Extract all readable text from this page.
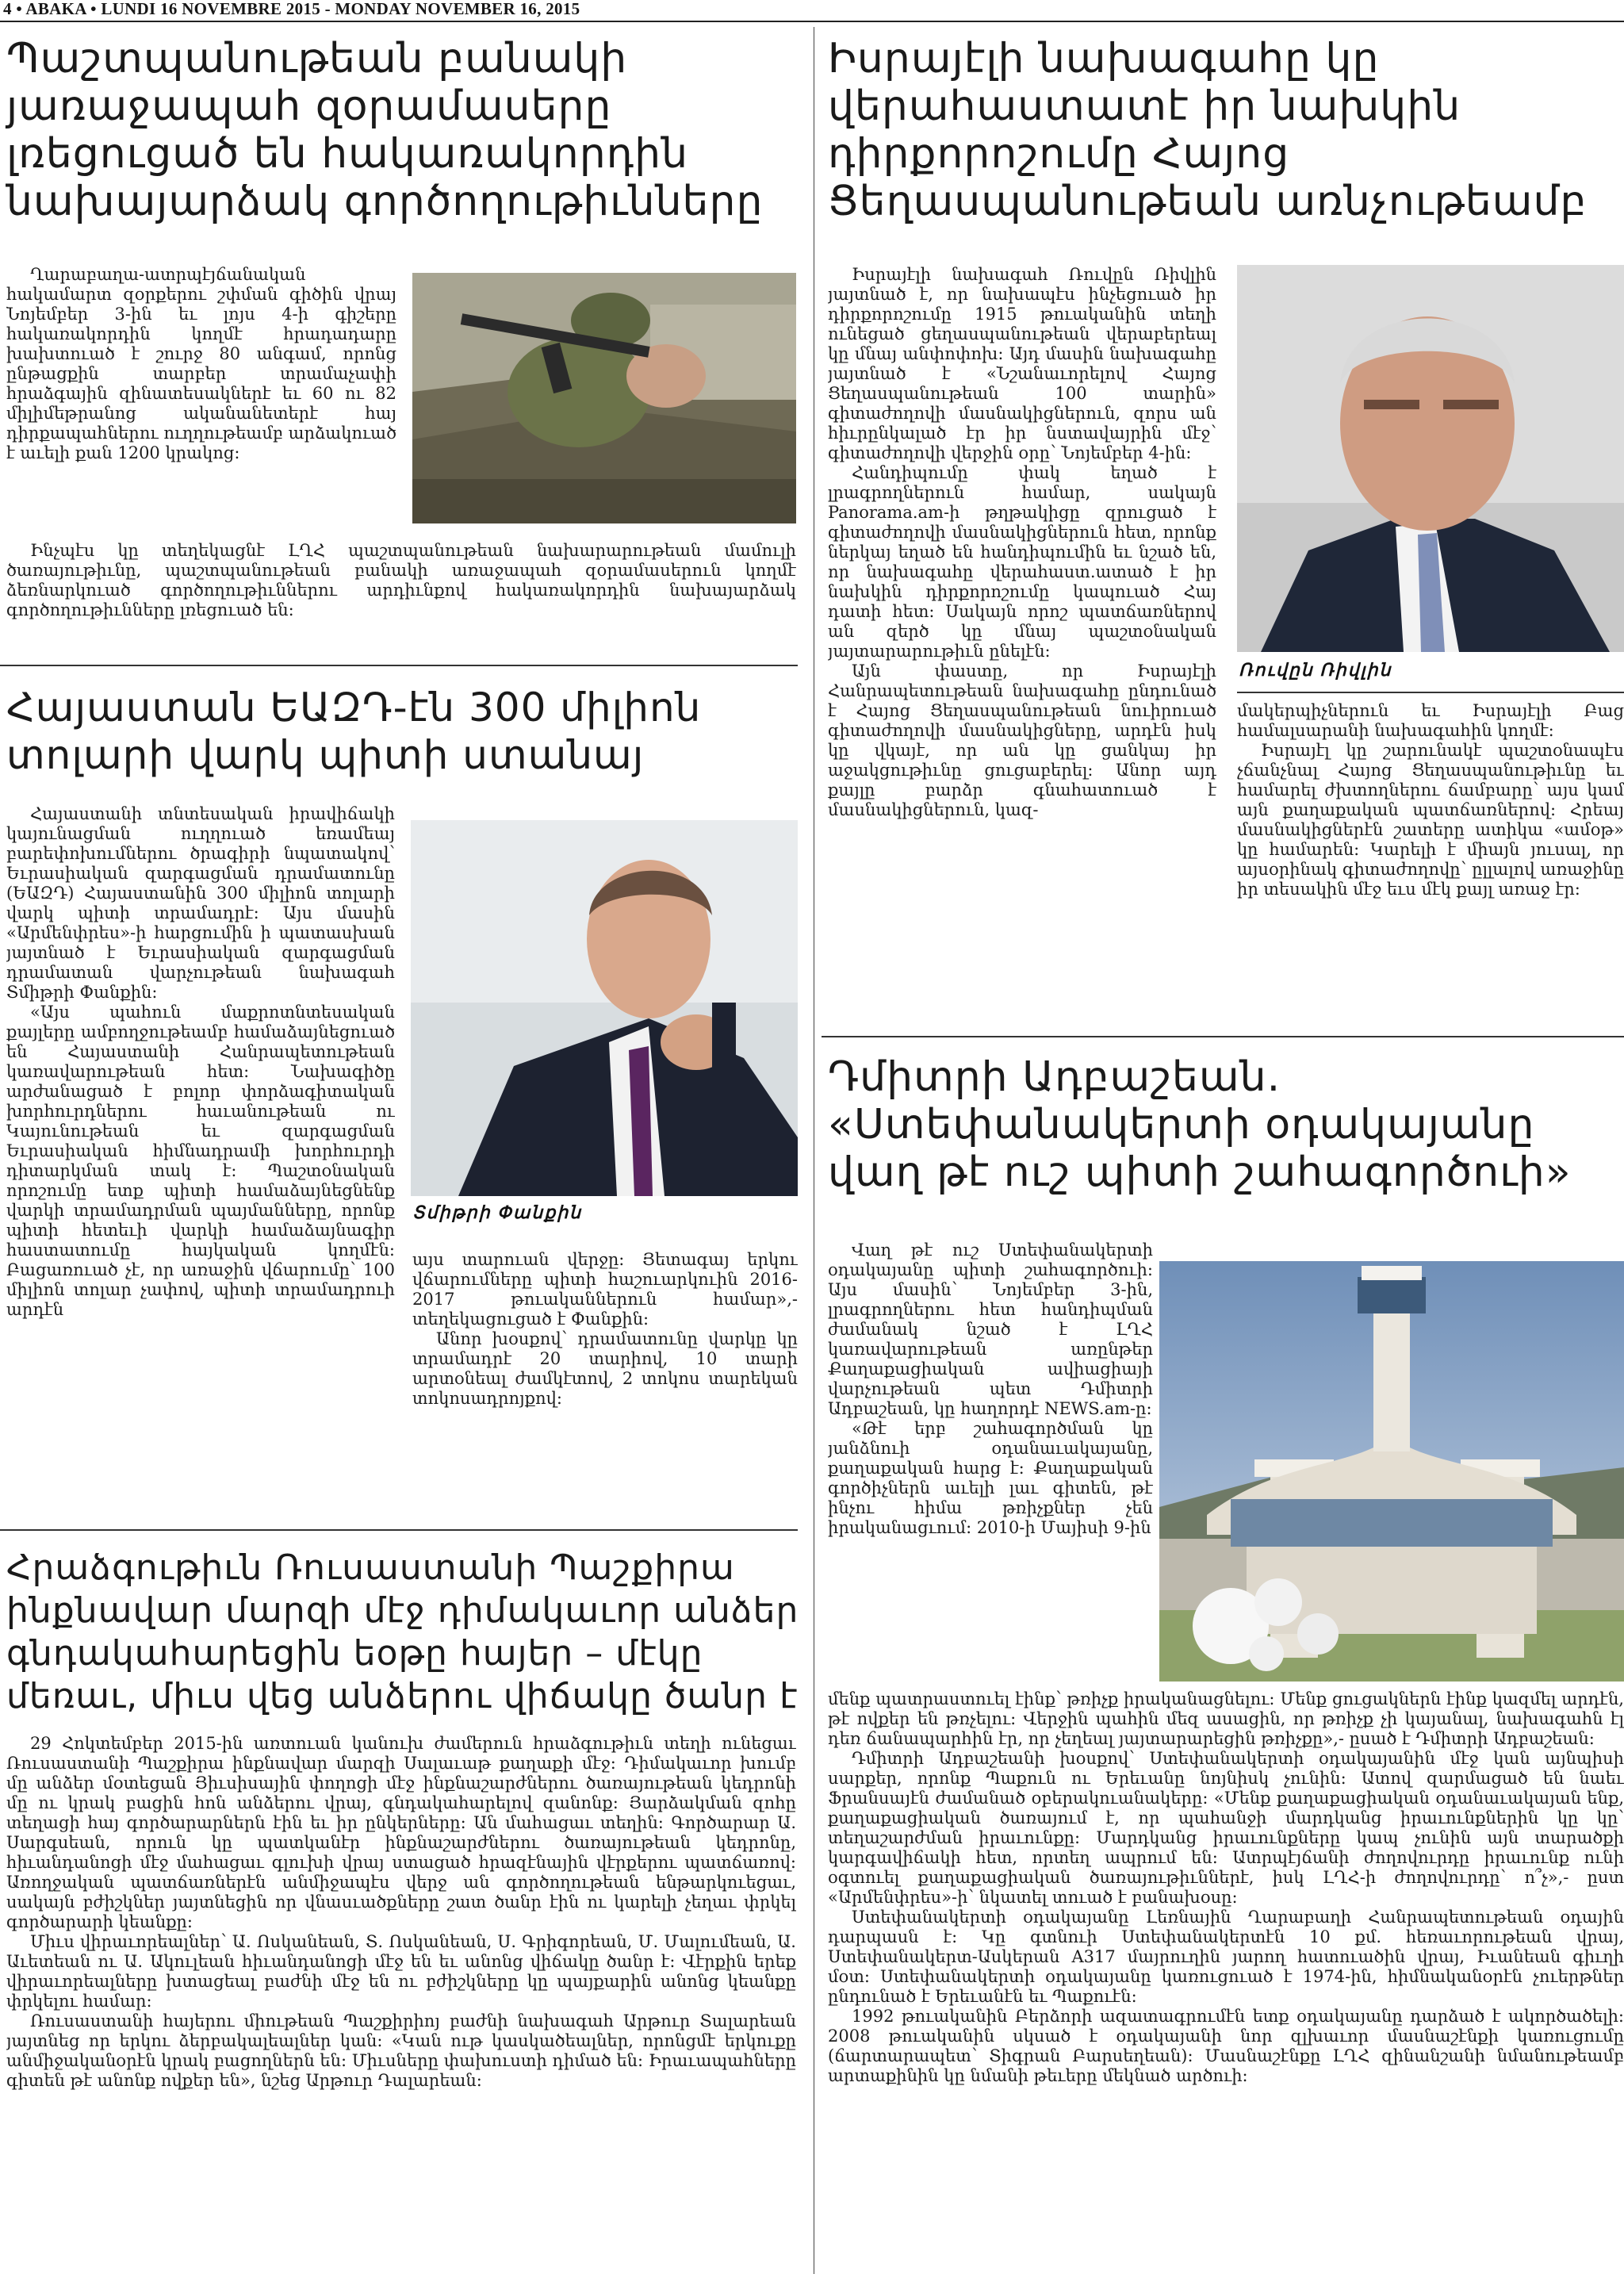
4 • ABAKA • LUNDI 16 NOVEMBRE 2015 - MONDAY NOVEMBER 16, 2015
Պաշտպանութեան բանակի
յառաջապահ զօրամասերը
լռեցուցած են հակառակորդին
նախայարձակ գործողութիւնները

Ղարաբաղա-ատրպէյճանական հակամարտ զօրքերու շփման գիծին վրայ Նոյեմբեր 3-ին եւ լոյս 4-ի գիշերը հակառակորդին կողմէ հրադադարը խախտուած է շուրջ 80 անգամ, որոնց ընթացքին տարբեր տրամաչափի հրաձգային զինատեսակներէ եւ 60 ու 82 միլիմեթրանոց ականանետերէ հայ դիրքապահներու ուղղութեամբ արձակուած է աւելի քան 1200 կրակոց:

Ինչպէս կը տեղեկացնէ ԼՂՀ պաշտպանութեան նախարարութեան մամուլի ծառայութիւնը, պաշտպանութեան բանակի առաջապահ զօրամասերուն կողմէ ձեռնարկուած գործողութիւններու արդիւնքով հակառակորդին նախայարձակ գործողութիւնները լռեցուած են:

Հայաստան ԵԱԶԴ-էն 300 միլիոն
տոլարի վարկ պիտի ստանայ

Հայաստանի տնտեսական իրավիճակի կայունացման ուղղուած եռամեայ բարեփոխումներու ծրագիրի նպատակով՝ Եւրասիական զարգացման դրամատունը (ԵԱԶԴ) Հայաստանին 300 միլիոն տոլարի վարկ պիտի տրամադրէ: Այս մասին «Արմենփրես»-ի հարցումին ի պատասխան յայտնած է Եւրասիական զարգացման դրամատան վարչութեան նախագահ Տմիթրի Փանքին:

«Այս պահուն մաքրոտնտեսական քայլերը ամբողջութեամբ համաձայնեցուած են Հայաստանի Հանրապետութեան կառավարութեան հետ: Նախագիծը արժանացած է բոլոր փորձագիտական խորհուրդներու հաւանութեան ու Կայունութեան եւ զարգացման Եւրասիական հիմնադրամի խորհուրդի դիտարկման տակ է: Պաշտօնական որոշումը ետք պիտի համաձայնեցնենք վարկի տրամադրման պայմանները, որոնք պիտի հետեւի վարկի համաձայնագիր հաստատումը հայկական կողմէն: Բացառուած չէ, որ առաջին վճարումը՝ 100 միլիոն տոլար չափով, պիտի տրամադրուի արդէն

Տմիթրի Փանքին

այս տարուան վերջը: Յետագայ երկու վճարումները պիտի հաշուարկուին 2016-2017 թուականներուն համար»,- տեղեկացուցած է Փանքին:

Անոր խօսքով՝ դրամատունը վարկը կը տրամադրէ 20 տարիով, 10 տարի արտօնեալ ժամկէտով, 2 տոկոս տարեկան տոկոսադրոյքով:

Հրաձգութիւն Ռուսաստանի Պաշքիրա
ինքնավար մարզի մէջ դիմակաւոր անձեր
գնդակահարեցին եօթը հայեր – մէկը
մեռաւ, միւս վեց անձերու վիճակը ծանր է

29 Հոկտեմբեր 2015-ին առտուան կանուխ ժամերուն հրաձգութիւն տեղի ունեցաւ Ռուսաստանի Պաշքիրա ինքնավար մարզի Սալաւաթ քաղաքի մէջ: Դիմակաւոր խումբ մը անձեր մօտեցան Յիւսիսային փողոցի մէջ ինքնաշարժներու ծառայութեան կեդրոնի մը ու կրակ բացին հոն անձերու վրայ, գնդակահարելով զանոնք: Յարձակման զոհը տեղացի հայ գործարարներն էին եւ իր ընկերները: Ան մահացաւ տեղին: Գործարար Ա. Սարգսեան, որուն կը պատկանէր ինքնաշարժներու ծառայութեան կեդրոնը, հիւանդանոցի մէջ մահացաւ գլուխի վրայ ստացած հրազէնային վէրքերու պատճառով: Առողջական պատճառներէն անմիջապէս վերջ ան գործողութեան ենթարկուեցաւ, սակայն բժիշկներ յայտնեցին որ վնասւածքները շատ ծանր էին ու կարելի չեղաւ փրկել գործարարի կեանքը:

Միւս վիրաւորեալներ՝ Ա. Ոսկանեան, Տ. Ոսկանեան, Ս. Գրիգորեան, Մ. Մալումեան, Ա. Աւետեան ու Ա. Ակուլեան հիւանդանոցի մէջ են եւ անոնց վիճակը ծանր է: Վէրքին երեք վիրաւորեալները խտացեալ բաժնի մէջ են ու բժիշկները կը պայքարին անոնց կեանքը փրկելու համար:

Ռուսաստանի հայերու միութեան Պաշքիրիոյ բաժնի նախագահ Արթուր Տալարեան յայտնեց որ երկու ձերբակալեալներ կան: «Կան ութ կասկածեալներ, որոնցմէ երկուքը անմիջականօրէն կրակ բացողներն են: Միւսները փախուստի դիմած են: Իրաւապահները գիտեն թէ անոնք ովքեր են», նշեց Արթուր Դալարեան:

Իսրայէլի նախագահը կը
վերահաստատէ իր նախկին
դիրքորոշումը Հայոց
Ցեղասպանութեան առնչութեամբ

Իսրայէլի նախագահ Ռուվըն Ռիվլին յայտնած է, որ նախապէս ինչեցուած իր դիրքորոշումը 1915 թուականին տեղի ունեցած ցեղասպանութեան վերաբերեալ կը մնայ անփոփոխ: Այդ մասին նախագահը յայտնած է «Նշանաւորելով Հայոց Ցեղասպանութեան 100 տարին» գիտաժողովի մասնակիցներուն, զորս ան հիւրընկալած էր իր նստավայրին մէջ՝ գիտաժողովի վերջին օրը՝ Նոյեմբեր 4-ին:

Հանդիպումը փակ եղած է լրագրողներուն համար, սակայն Panorama.am-ի թղթակիցը զրուցած է գիտաժողովի մասնակիցներուն հետ, որոնք ներկայ եղած են հանդիպումին եւ նշած են, որ նախագահը վերահաստ.ատած է իր նախկին դիրքորոշումը կապուած Հայ դատի հետ: Սակայն որոշ պատճառներով ան զերծ կը մնայ պաշտօնական յայտարարութիւն ընելէն:

Այն փաստը, որ Իսրայէլի Հանրապետութեան նախագահը ընդունած է Հայոց Ցեղասպանութեան նուիրուած գիտաժողովի մասնակիցները, արդէն իսկ կը վկայէ, որ ան կը ցանկայ իր աջակցութիւնը ցուցաբերել: Անոր այդ քայլը բարձր գնահատուած է մասնակիցներուն, կազ-

Ռուվըն Ռիվլին

մակերպիչներուն եւ Իսրայէլի Բաց համալսարանի նախագահին կողմէ:

Իսրայէլ կը շարունակէ պաշտօնապէս չճանչնալ Հայոց Ցեղասպանութիւնը եւ համարել ժխտողներու ճամբարը՝ այս կամ այն քաղաքական պատճառներով: Հրեայ մասնակիցներէն շատերը ատիկա «ամօթ» կը համարեն: Կարելի է միայն յուսալ, որ այսօրինակ գիտաժողովը՝ ըլլալով առաջինը իր տեսակին մէջ եւս մէկ քայլ առաջ էր:

Դմիտրի Ադբաշեան.
«Ստեփանակերտի օդակայանը
վաղ թէ ուշ պիտի շահագործուի»

Վաղ թէ ուշ Ստեփանակերտի օդակայանը պիտի շահագործուի: Այս մասին՝ Նոյեմբեր 3-ին, լրագրողներու հետ հանդիպման ժամանակ նշած է ԼՂՀ կառավարութեան առընթեր Քաղաքացիական ավիացիայի վարչութեան պետ Դմիտրի Ադբաշեան, կը հաղորդէ NEWS.am-ը:

«Թէ երբ շահագործման կը յանձնուի օդանաւակայանը, քաղաքական հարց է: Քաղաքական գործիչներն աւելի լաւ գիտեն, թէ ինչու հիմա թռիչքներ չեն իրականացւում: 2010-ի Մայիսի 9-ին

մենք պատրաստուել էինք՝ թռիչք իրականացնելու: Մենք ցուցակներն էինք կազմել արդէն, թէ ովքեր են թռչելու: Վերջին պահին մեզ ասացին, որ թռիչք չի կայանալ, նախագահն էլ դեռ ճանապարհին էր, որ չեղեալ յայտարարեցին թռիչքը»,- ըսած է Դմիտրի Ադբաշեան:

Դմիտրի Ադբաշեանի խօսքով՝ Ստեփանակերտի օդակայանին մէջ կան այնպիսի սարքեր, որոնք Պաքուն ու Երեւանը նոյնիսկ չունին: Ատով զարմացած են նաեւ Ֆրանսայէն ժամանած օբերակուանակերը: «Մենք քաղաքացիական օդանաւակայան ենք, քաղաքացիական ծառայում է, որ պահանջի մարդկանց իրաւունքներին կը կը՝ տեղաշարժման իրաւունքը: Մարդկանց իրաւունքները կապ չունին այն տարածքի կարգավիճակի հետ, որտեղ ապրում են: Ատրպէյճանի ժողովուրդը իրաւունք ունի օգտուել քաղաքացիական ծառայութիւններէ, իսկ ԼՂՀ-ի ժողովուրդը՝ ո՞չ»,- ըստ «Արմենփրես»-ի՝ նկատել տուած է բանախօսը:

Ստեփանակերտի օդակայանը Լեռնային Ղարաբաղի Հանրապետութեան օդային դարպասն է: Կը գտնուի Ստեփանակերտէն 10 քմ. հեռաւորութեան վրայ, Ստեփանակերտ-Ասկերան A317 մայրուղին յարող հատուածին վրայ, Իւանեան գիւղի մօտ: Ստեփանակերտի օդակայանը կառուցուած է 1974-ին, հիմնականօրէն չուերթներ ընդունած է Երեւանէն եւ Պաքուէն:

1992 թուականին Բերձորի ազատագրումէն ետք օդակայանը դարձած է ակործածելի: 2008 թուականին սկսած է օդակայանի նոր զլխաւոր մասնաշէնքի կառուցումը (ճարտարապետ՝ Տիգրան Բարսեղեան): Մասնաշէնքը ԼՂՀ զինանշանի նմանութեամբ արտաքինին կը նմանի թեւերը մեկնած արծուի:
